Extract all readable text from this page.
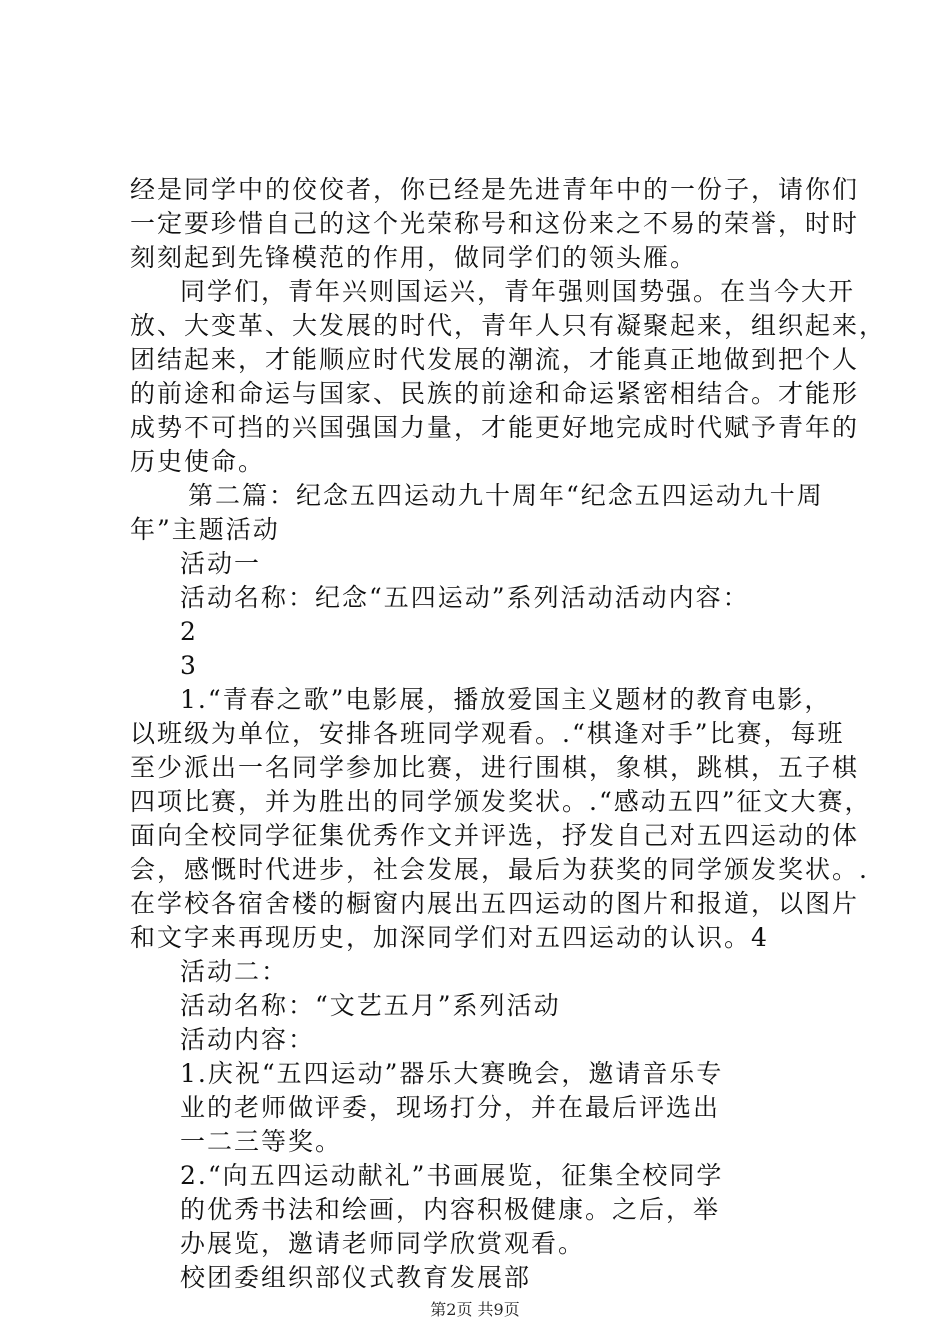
经是同学中的佼佼者，你已经是先进青年中的一份子，请你们
一定要珍惜自己的这个光荣称号和这份来之不易的荣誉，时时
刻刻起到先锋模范的作用，做同学们的领头雁。
同学们，青年兴则国运兴，青年强则国势强。在当今大开
放、大变革、大发展的时代，青年人只有凝聚起来，组织起来，
团结起来，才能顺应时代发展的潮流，才能真正地做到把个人
的前途和命运与国家、民族的前途和命运紧密相结合。才能形
成势不可挡的兴国强国力量，才能更好地完成时代赋予青年的
历史使命。
第二篇：纪念五四运动九十周年“纪念五四运动九十周
年”主题活动
活动一
活动名称：纪念“五四运动”系列活动活动内容：
2
3
1.“青春之歌”电影展，播放爱国主义题材的教育电影，
以班级为单位，安排各班同学观看。.“棋逢对手”比赛，每班
至少派出一名同学参加比赛，进行围棋，象棋，跳棋，五子棋
四项比赛，并为胜出的同学颁发奖状。.“感动五四”征文大赛，
面向全校同学征集优秀作文并评选，抒发自己对五四运动的体
会，感慨时代进步，社会发展，最后为获奖的同学颁发奖状。.
在学校各宿舍楼的橱窗内展出五四运动的图片和报道，以图片
和文字来再现历史，加深同学们对五四运动的认识。4
活动二：
活动名称：“文艺五月”系列活动
活动内容：
1.庆祝“五四运动”器乐大赛晚会，邀请音乐专
业的老师做评委，现场打分，并在最后评选出
一二三等奖。
2.“向五四运动献礼”书画展览，征集全校同学
的优秀书法和绘画，内容积极健康。之后，举
办展览，邀请老师同学欣赏观看。
校团委组织部仪式教育发展部
第2页 共9页
